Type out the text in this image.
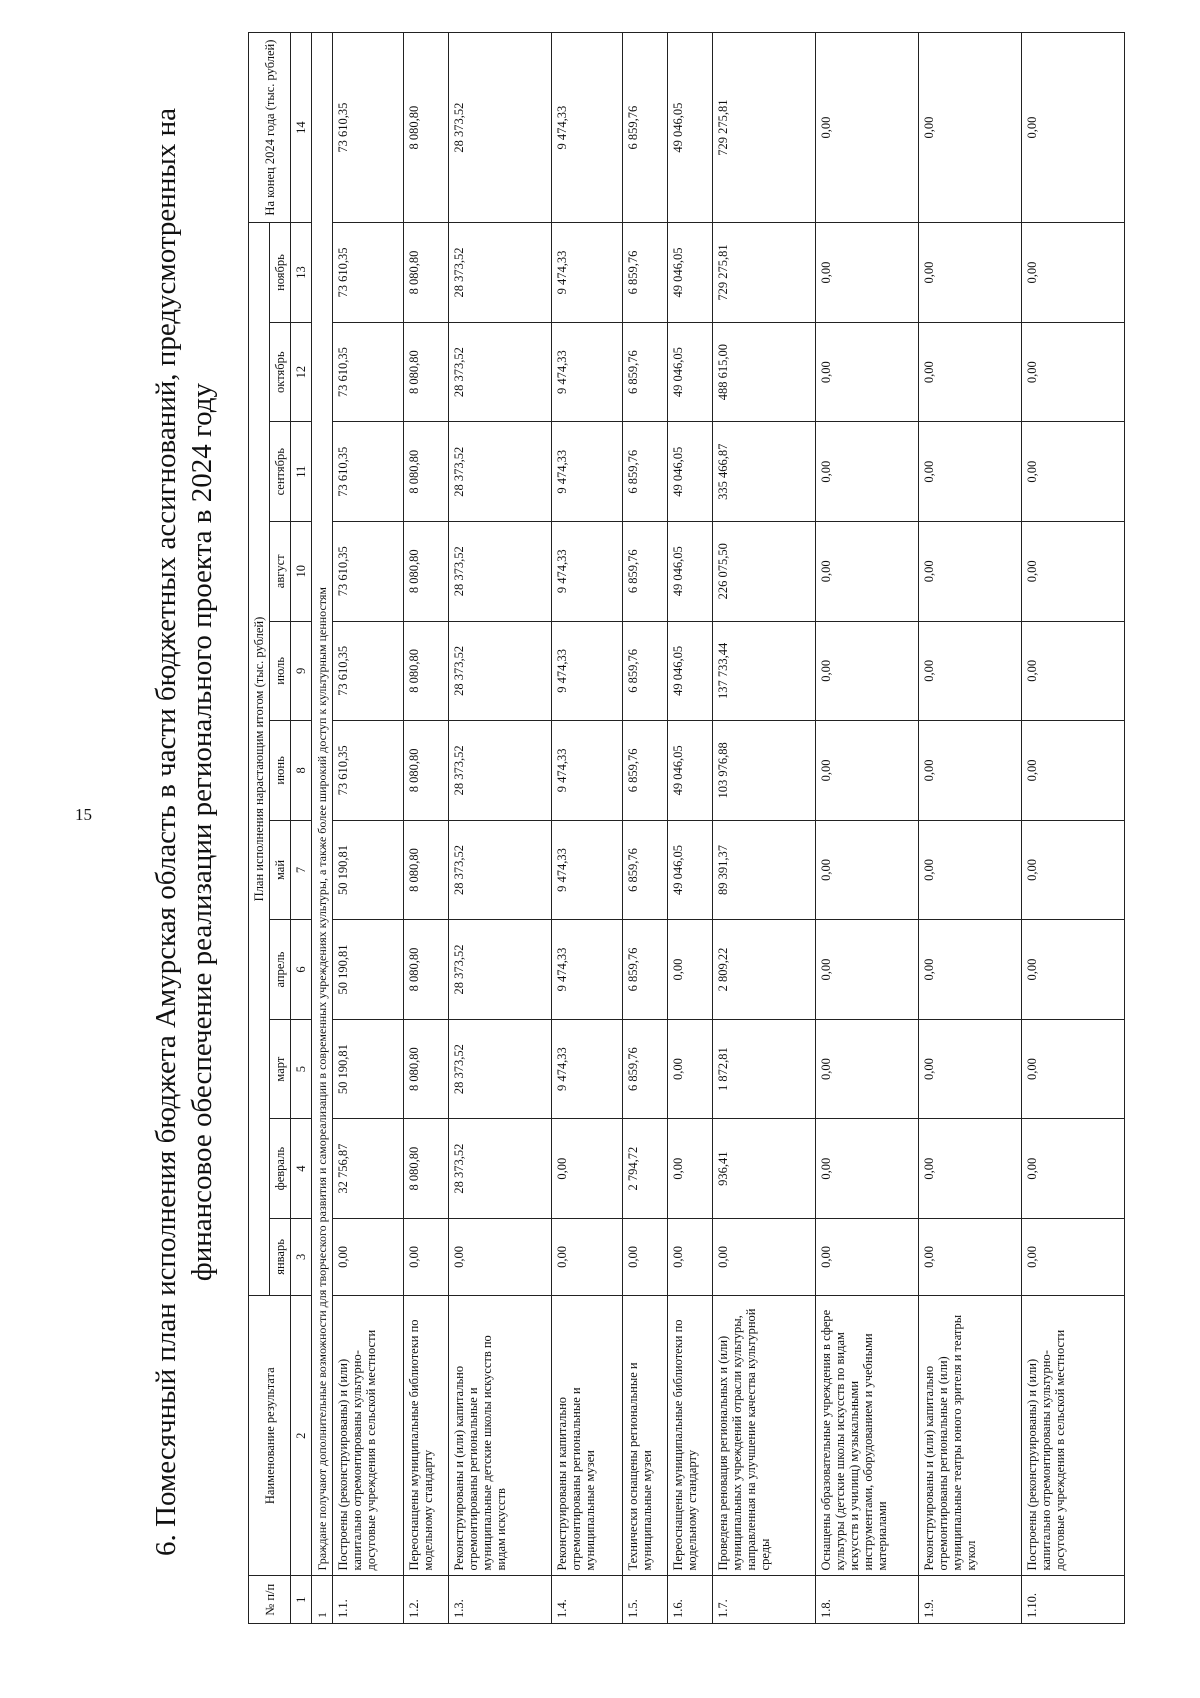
15 6. Помесячный план исполнения бюджета Амурская область в части бюджетных ассигнований, предусмотренных на финансовое обеспечение реализации регионального проекта в 2024 году
№ п/п	Наименование результата	План исполнения нарастающим итогом (тыс. рублей)											На конец 2024 года (тыс. рублей)
		январь	февраль	март	апрель	май	июнь	июль	август	сентябрь	октябрь	ноябрь	
1	2	3	4	5	6	7	8	9	10	11	12	13	14
1	Граждане получают дополнительные возможности для творческого развития и самореализации в современных учреждениях культуры, а также более широкий доступ к культурным ценностям												
1.1.	Построены (реконструированы) и (или) капитально отремонтированы культурно-досуговые учреждения в сельской местности	0,00	32 756,87	50 190,81	50 190,81	50 190,81	73 610,35	73 610,35	73 610,35	73 610,35	73 610,35	73 610,35	73 610,35
1.2.	Переоснащены муниципальные библиотеки по модельному стандарту	0,00	8 080,80	8 080,80	8 080,80	8 080,80	8 080,80	8 080,80	8 080,80	8 080,80	8 080,80	8 080,80	8 080,80
1.3.	Реконструированы и (или) капитально отремонтированы региональные и муниципальные детские школы искусств по видам искусств	0,00	28 373,52	28 373,52	28 373,52	28 373,52	28 373,52	28 373,52	28 373,52	28 373,52	28 373,52	28 373,52	28 373,52
1.4.	Реконструированы и капитально отремонтированы региональные и муниципальные музеи	0,00	0,00	9 474,33	9 474,33	9 474,33	9 474,33	9 474,33	9 474,33	9 474,33	9 474,33	9 474,33	9 474,33
1.5.	Технически оснащены региональные и муниципальные музеи	0,00	2 794,72	6 859,76	6 859,76	6 859,76	6 859,76	6 859,76	6 859,76	6 859,76	6 859,76	6 859,76	6 859,76
1.6.	Переоснащены муниципальные библиотеки по модельному стандарту	0,00	0,00	0,00	0,00	49 046,05	49 046,05	49 046,05	49 046,05	49 046,05	49 046,05	49 046,05	49 046,05
1.7.	Проведена реновация региональных и (или) муниципальных учреждений отрасли культуры, направленная на улучшение качества культурной среды	0,00	936,41	1 872,81	2 809,22	89 391,37	103 976,88	137 733,44	226 075,50	335 466,87	488 615,00	729 275,81	729 275,81
1.8.	Оснащены образовательные учреждения в сфере культуры (детские школы искусств по видам искусств и училищ) музыкальными инструментами, оборудованием и учебными материалами	0,00	0,00	0,00	0,00	0,00	0,00	0,00	0,00	0,00	0,00	0,00	0,00
1.9.	Реконструированы и (или) капитально отремонтированы региональные и (или) муниципальные театры юного зрителя и театры кукол	0,00	0,00	0,00	0,00	0,00	0,00	0,00	0,00	0,00	0,00	0,00	0,00
1.10.	Построены (реконструированы) и (или) капитально отремонтированы культурно-досуговые учреждения в сельской местности	0,00	0,00	0,00	0,00	0,00	0,00	0,00	0,00	0,00	0,00	0,00	0,00
